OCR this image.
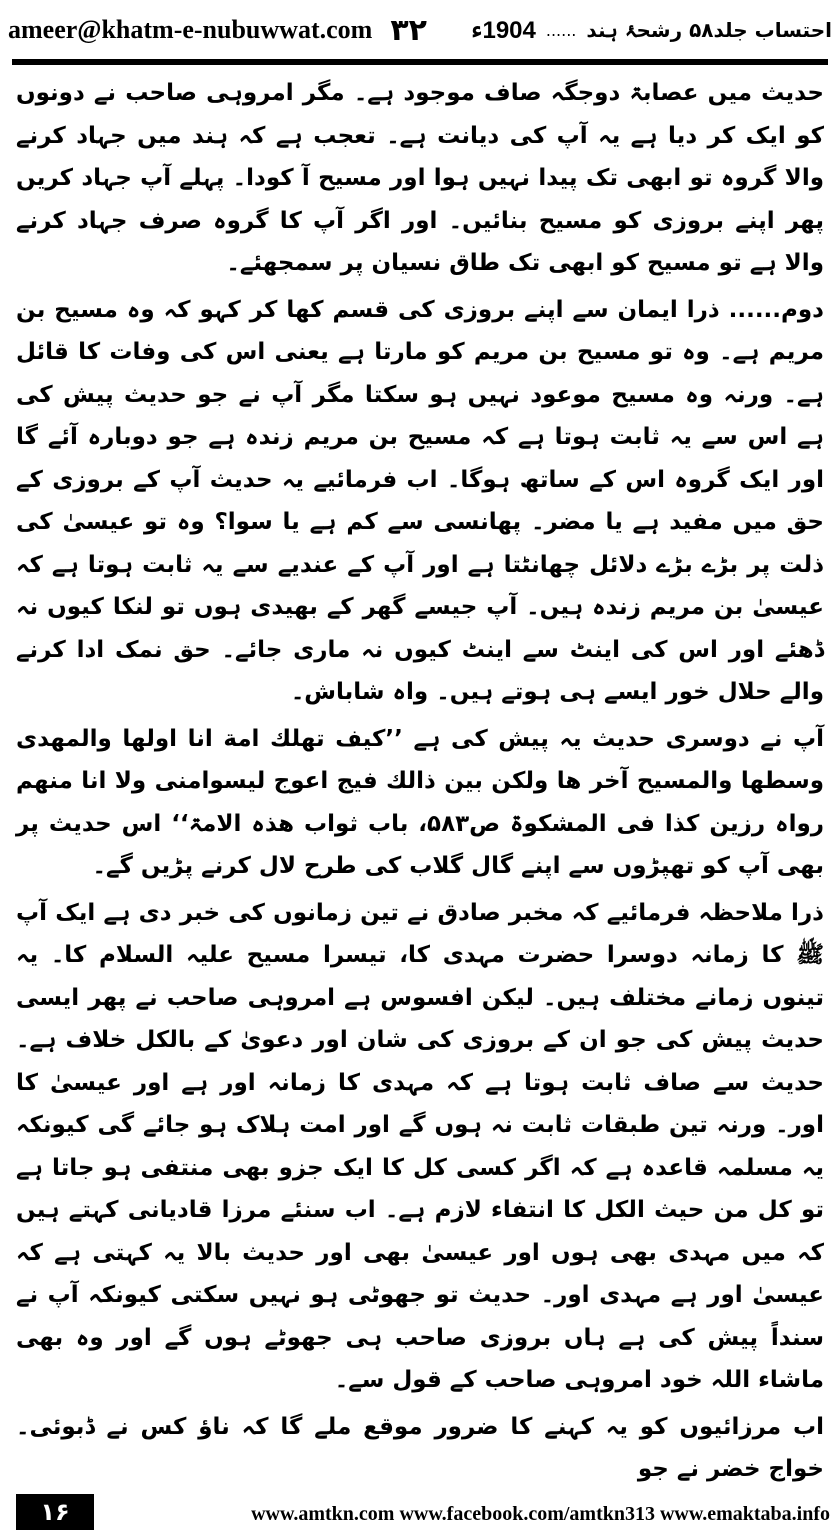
ameer@khatm-e-nubuwwat.com ۳۲	احتساب جلد۵۸ رشحۂ ہند
......
1904ء

حدیث میں عصابۃ دوجگہ صاف موجود ہے۔ مگر امروہی صاحب نے دونوں کو ایک کر دیا ہے یہ آپ کی دیانت ہے۔ تعجب ہے کہ ہند میں جہاد کرنے والا گروہ تو ابھی تک پیدا نہیں ہوا اور مسیح آ کودا۔ پہلے آپ جہاد کریں پھر اپنے بروزی کو مسیح بنائیں۔ اور اگر آپ کا گروہ صرف جہاد کرنے والا ہے تو مسیح کو ابھی تک طاق نسیان پر سمجھئے۔

دوم...... ذرا ایمان سے اپنے بروزی کی قسم کھا کر کہو کہ وہ مسیح بن مریم ہے۔ وہ تو مسیح بن مریم کو مارتا ہے یعنی اس کی وفات کا قائل ہے۔ ورنہ وہ مسیح موعود نہیں ہو سکتا مگر آپ نے جو حدیث پیش کی ہے اس سے یہ ثابت ہوتا ہے کہ مسیح بن مریم زندہ ہے جو دوبارہ آئے گا اور ایک گروہ اس کے ساتھ ہوگا۔ اب فرمائیے یہ حدیث آپ کے بروزی کے حق میں مفید ہے یا مضر۔ پھانسی سے کم ہے یا سوا؟ وہ تو عیسیٰ کی ذلت پر بڑے بڑے دلائل چھانٹتا ہے اور آپ کے عندیے سے یہ ثابت ہوتا ہے کہ عیسیٰ بن مریم زندہ ہیں۔ آپ جیسے گھر کے بھیدی ہوں تو لنکا کیوں نہ ڈھئے اور اس کی اینٹ سے اینٹ کیوں نہ ماری جائے۔ حق نمک ادا کرنے والے حلال خور ایسے ہی ہوتے ہیں۔ واہ شاباش۔

آپ نے دوسری حدیث یہ پیش کی ہے ’’کیف تھلك امة انا اولھا والمھدی وسطھا والمسیح آخر ھا ولکن بین ذالك فیج اعوج لیسوامنی ولا انا منھم رواہ رزین کذا فی المشکوۃ ص۵۸۳، باب ثواب ھذہ الامۃ‘‘ اس حدیث پر بھی آپ کو تھپڑوں سے اپنے گال گلاب کی طرح لال کرنے پڑیں گے۔

ذرا ملاحظہ فرمائیے کہ مخبر صادق نے تین زمانوں کی خبر دی ہے ایک آپ ﷺ کا زمانہ دوسرا حضرت مہدی کا، تیسرا مسیح علیہ السلام کا۔ یہ تینوں زمانے مختلف ہیں۔ لیکن افسوس ہے امروہی صاحب نے پھر ایسی حدیث پیش کی جو ان کے بروزی کی شان اور دعویٰ کے بالکل خلاف ہے۔ حدیث سے صاف ثابت ہوتا ہے کہ مہدی کا زمانہ اور ہے اور عیسیٰ کا اور۔ ورنہ تین طبقات ثابت نہ ہوں گے اور امت ہلاک ہو جائے گی کیونکہ یہ مسلمہ قاعدہ ہے کہ اگر کسی کل کا ایک جزو بھی منتفی ہو جاتا ہے تو کل من حیث الکل کا انتفاء لازم ہے۔ اب سنئے مرزا قادیانی کہتے ہیں کہ میں مہدی بھی ہوں اور عیسیٰ بھی اور حدیث بالا یہ کہتی ہے کہ عیسیٰ اور ہے مہدی اور۔ حدیث تو جھوٹی ہو نہیں سکتی کیونکہ آپ نے سنداً پیش کی ہے ہاں بروزی صاحب ہی جھوٹے ہوں گے اور وہ بھی ماشاء اللہ خود امروہی صاحب کے قول سے۔

اب مرزائیوں کو یہ کہنے کا ضرور موقع ملے گا کہ ناؤ کس نے ڈبوئی۔ خواج خضر نے جو

۱۶	www.amtkn.com www.facebook.com/amtkn313 www.emaktaba.info
